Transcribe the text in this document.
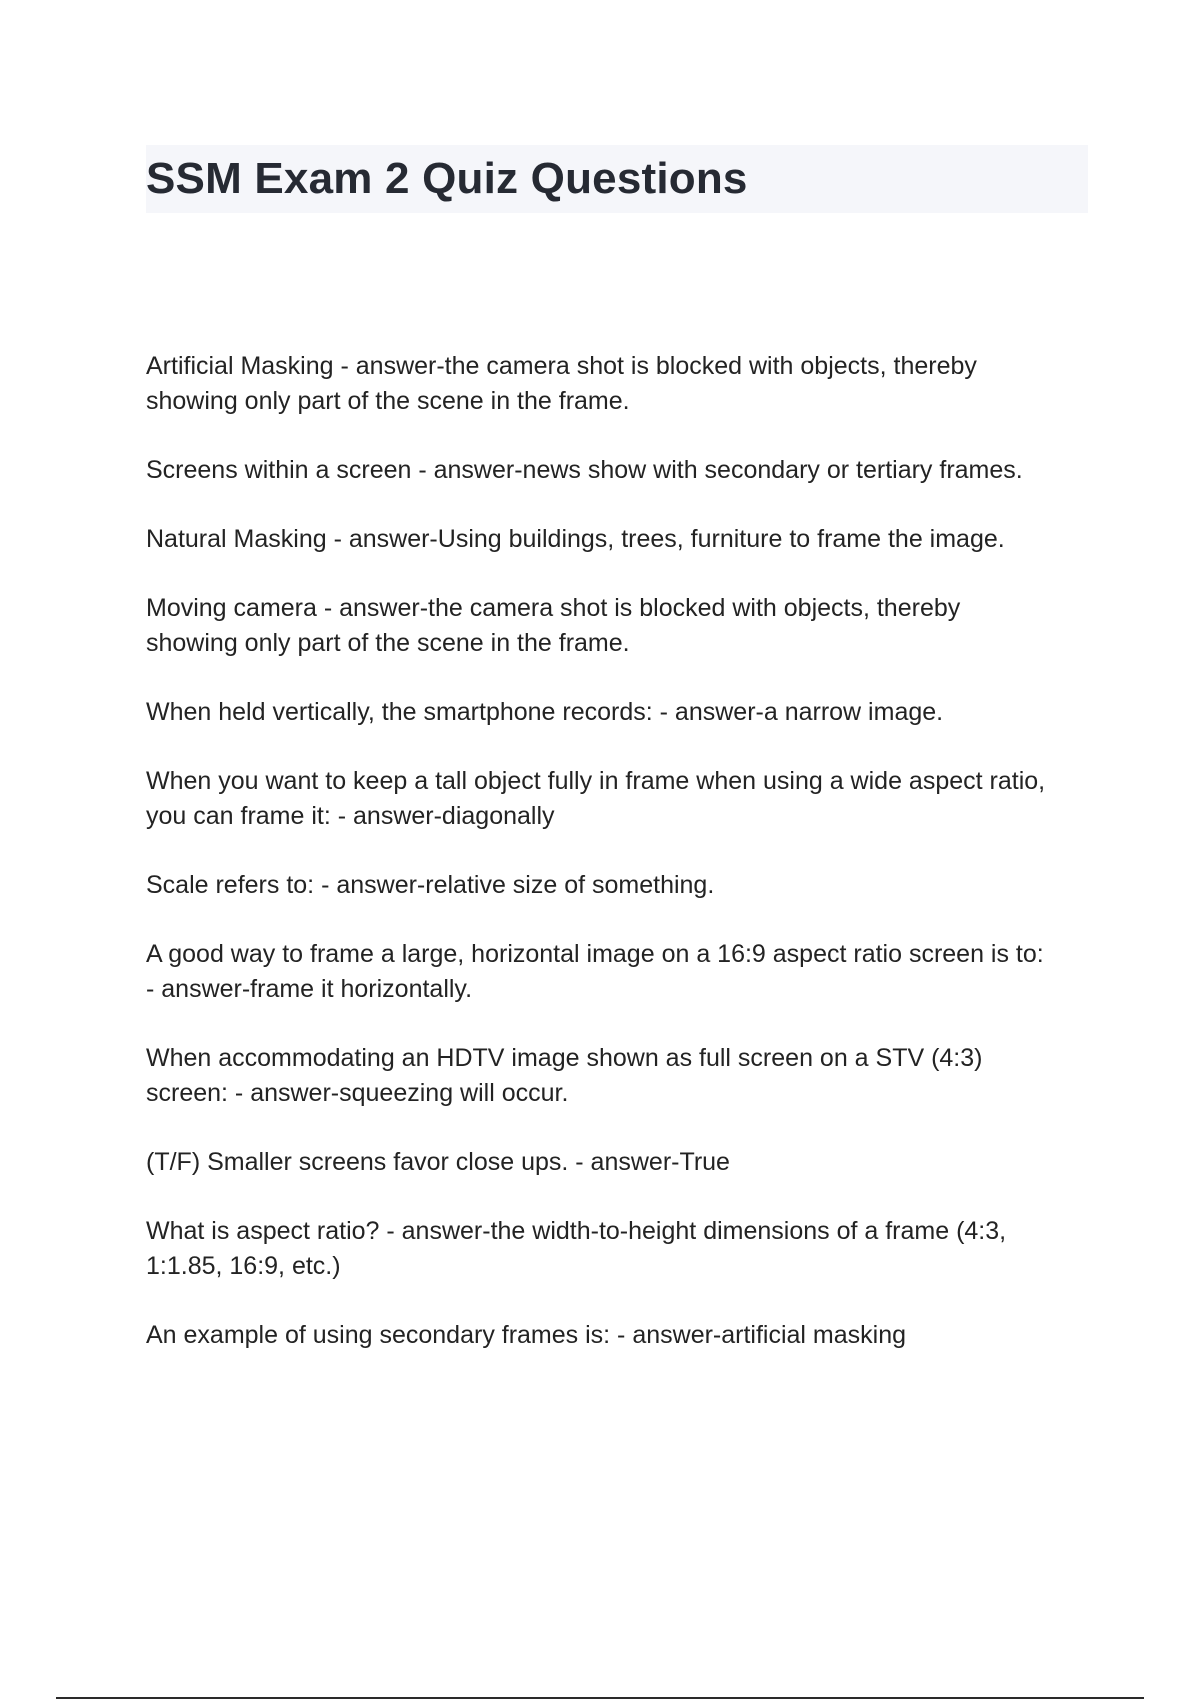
SSM Exam 2 Quiz Questions
Artificial Masking - answer-the camera shot is blocked with objects, thereby
showing only part of the scene in the frame.
Screens within a screen - answer-news show with secondary or tertiary frames.
Natural Masking - answer-Using buildings, trees, furniture to frame the image.
Moving camera - answer-the camera shot is blocked with objects, thereby
showing only part of the scene in the frame.
When held vertically, the smartphone records: - answer-a narrow image.
When you want to keep a tall object fully in frame when using a wide aspect ratio,
you can frame it: - answer-diagonally
Scale refers to: - answer-relative size of something.
A good way to frame a large, horizontal image on a 16:9 aspect ratio screen is to:
- answer-frame it horizontally.
When accommodating an HDTV image shown as full screen on a STV (4:3)
screen: - answer-squeezing will occur.
(T/F) Smaller screens favor close ups. - answer-True
What is aspect ratio? - answer-the width-to-height dimensions of a frame (4:3,
1:1.85, 16:9, etc.)
An example of using secondary frames is: - answer-artificial masking
